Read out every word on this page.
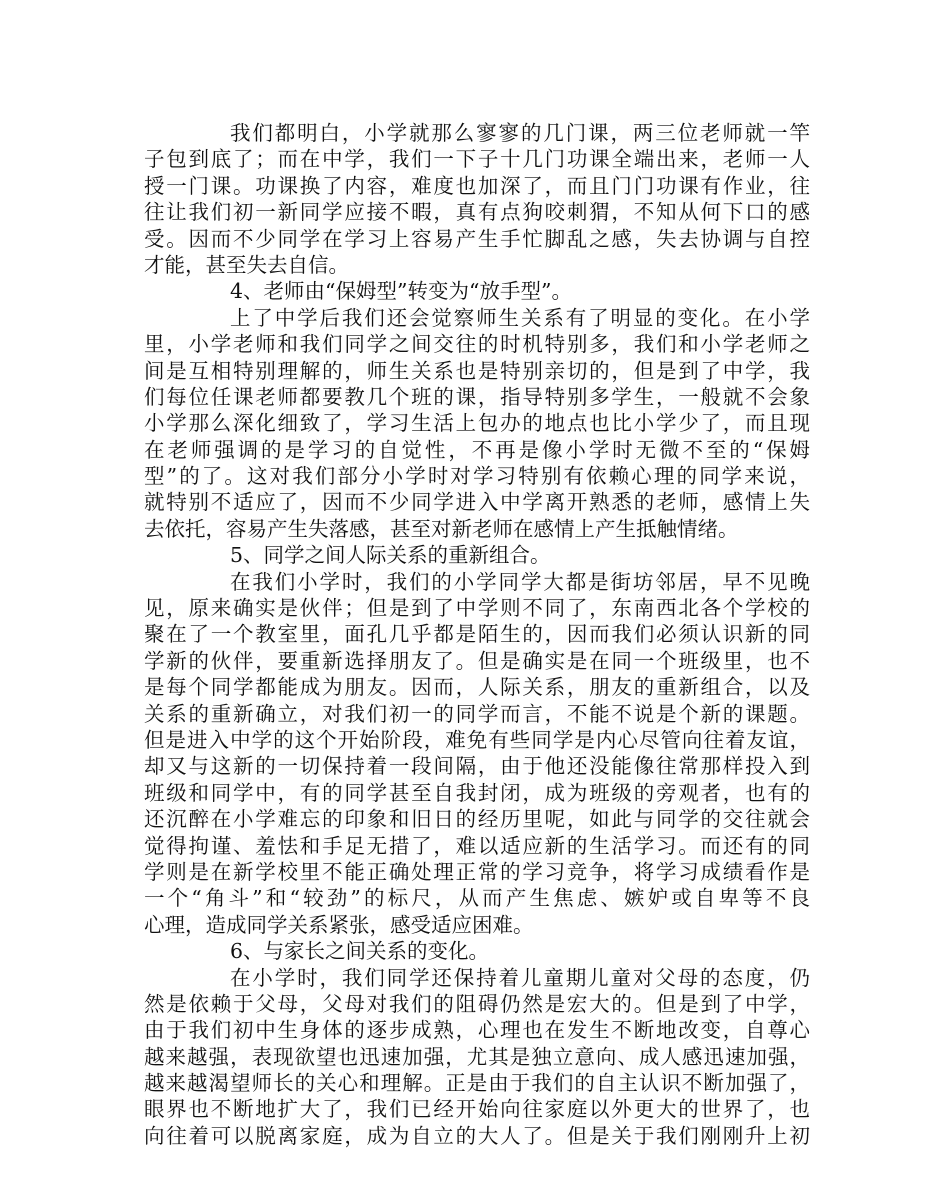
我们都明白，小学就那么寥寥的几门课，两三位老师就一竿
子包到底了；而在中学，我们一下子十几门功课全端出来，老师一人
授一门课。功课换了内容，难度也加深了，而且门门功课有作业，往
往让我们初一新同学应接不暇，真有点狗咬刺猬，不知从何下口的感
受。因而不少同学在学习上容易产生手忙脚乱之感，失去协调与自控
才能，甚至失去自信。
4、老师由“保姆型”转变为“放手型”。
上了中学后我们还会觉察师生关系有了明显的变化。在小学
里，小学老师和我们同学之间交往的时机特别多，我们和小学老师之
间是互相特别理解的，师生关系也是特别亲切的，但是到了中学，我
们每位任课老师都要教几个班的课，指导特别多学生，一般就不会象
小学那么深化细致了，学习生活上包办的地点也比小学少了，而且现
在老师强调的是学习的自觉性，不再是像小学时无微不至的“保姆
型”的了。这对我们部分小学时对学习特别有依赖心理的同学来说，
就特别不适应了，因而不少同学进入中学离开熟悉的老师，感情上失
去依托，容易产生失落感，甚至对新老师在感情上产生抵触情绪。
5、同学之间人际关系的重新组合。
在我们小学时，我们的小学同学大都是街坊邻居，早不见晚
见，原来确实是伙伴；但是到了中学则不同了，东南西北各个学校的
聚在了一个教室里，面孔几乎都是陌生的，因而我们必须认识新的同
学新的伙伴，要重新选择朋友了。但是确实是在同一个班级里，也不
是每个同学都能成为朋友。因而，人际关系，朋友的重新组合，以及
关系的重新确立，对我们初一的同学而言，不能不说是个新的课题。
但是进入中学的这个开始阶段，难免有些同学是内心尽管向往着友谊，
却又与这新的一切保持着一段间隔，由于他还没能像往常那样投入到
班级和同学中，有的同学甚至自我封闭，成为班级的旁观者，也有的
还沉醉在小学难忘的印象和旧日的经历里呢，如此与同学的交往就会
觉得拘谨、羞怯和手足无措了，难以适应新的生活学习。而还有的同
学则是在新学校里不能正确处理正常的学习竞争，将学习成绩看作是
一个“角斗”和“较劲”的标尺，从而产生焦虑、嫉妒或自卑等不良
心理，造成同学关系紧张，感受适应困难。
6、与家长之间关系的变化。
在小学时，我们同学还保持着儿童期儿童对父母的态度，仍
然是依赖于父母，父母对我们的阻碍仍然是宏大的。但是到了中学，
由于我们初中生身体的逐步成熟，心理也在发生不断地改变，自尊心
越来越强，表现欲望也迅速加强，尤其是独立意向、成人感迅速加强，
越来越渴望师长的关心和理解。正是由于我们的自主认识不断加强了，
眼界也不断地扩大了，我们已经开始向往家庭以外更大的世界了，也
向往着可以脱离家庭，成为自立的大人了。但是关于我们刚刚升上初
